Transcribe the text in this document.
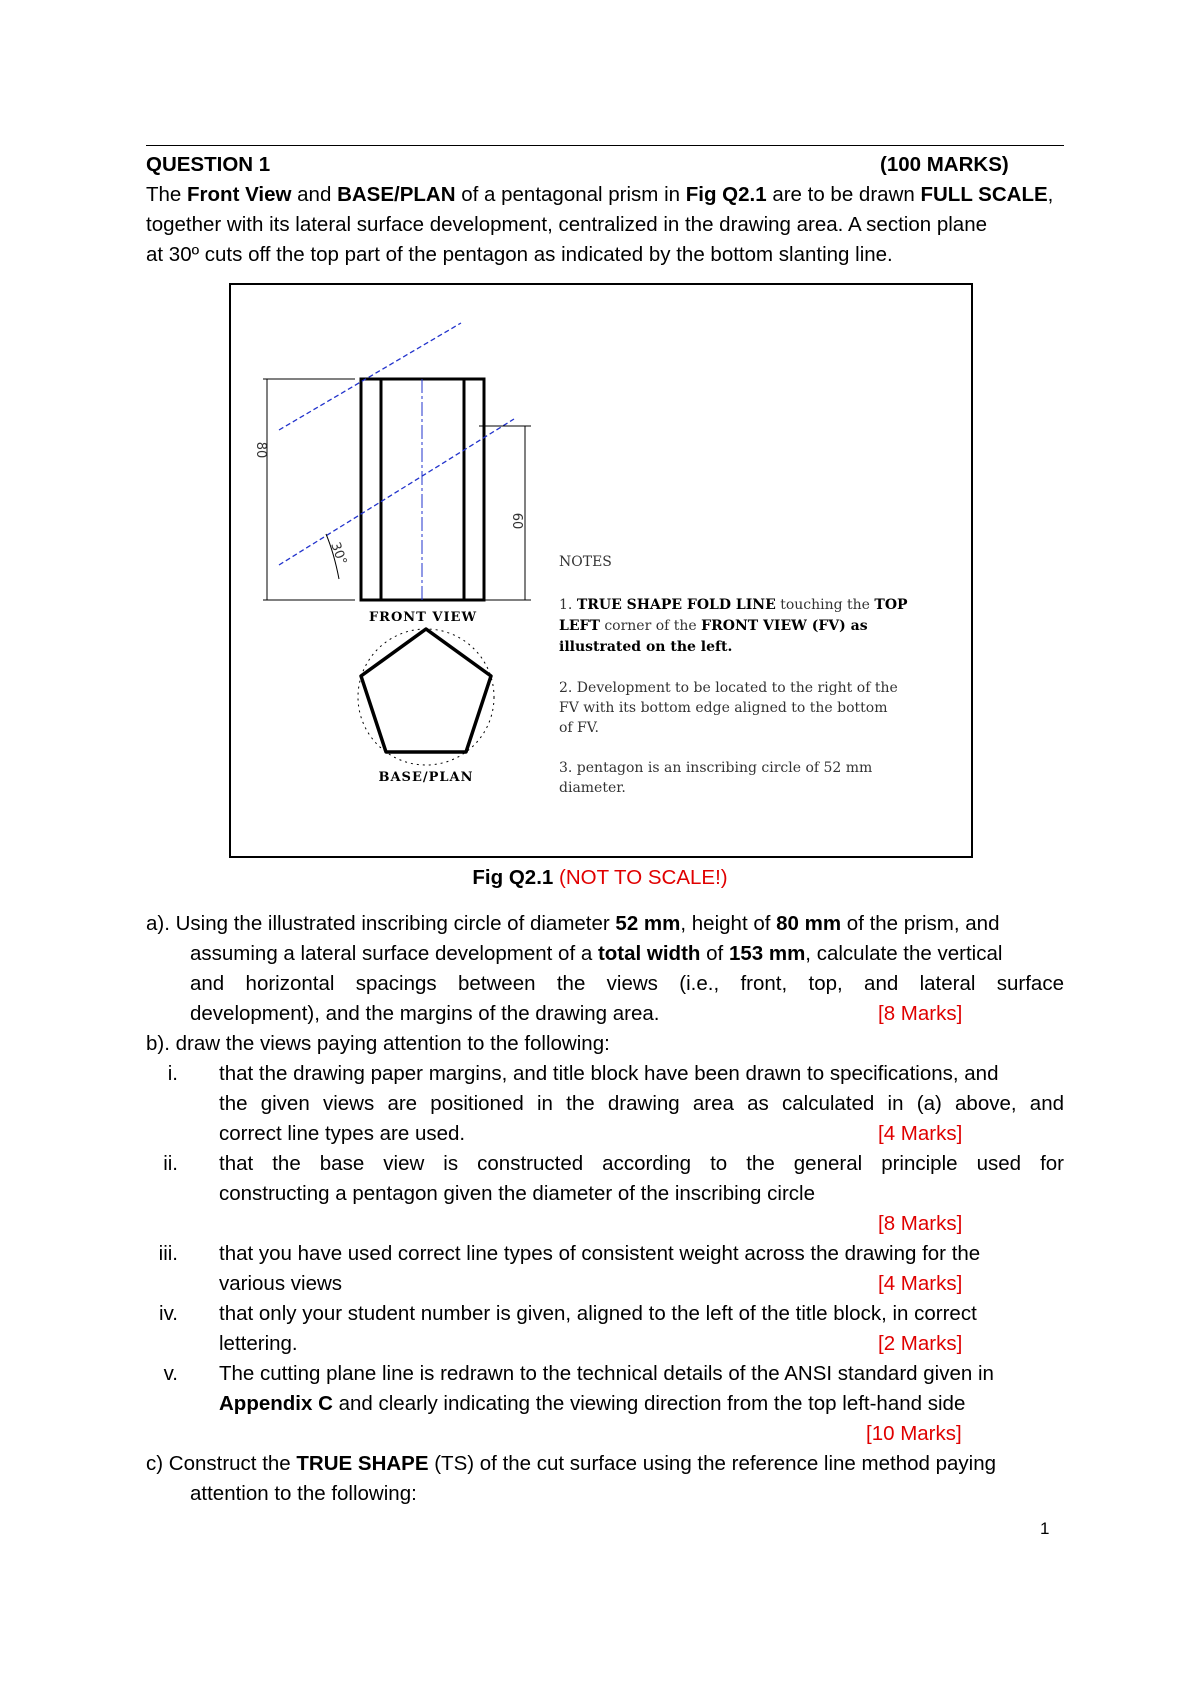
QUESTION 1	(100 MARKS)
The Front View and BASE/PLAN of a pentagonal prism in Fig Q2.1 are to be drawn FULL SCALE,
together with its lateral surface development, centralized in the drawing area. A section plane
at 30º cuts off the top part of the pentagon as indicated by the bottom slanting line.
80
60
30°
FRONT VIEW
BASE/PLAN
NOTES
1. TRUE SHAPE FOLD LINE touching the TOP
LEFT corner of the FRONT VIEW (FV) as
illustrated on the left.
2. Development to be located to the right of the
FV with its bottom edge aligned to the bottom
of FV.
3. pentagon is an inscribing circle of 52 mm
diameter.
Fig Q2.1 (NOT TO SCALE!)
a). Using the illustrated inscribing circle of diameter 52 mm, height of 80 mm of the prism, and
assuming a lateral surface development of a total width of 153 mm, calculate the vertical
and horizontal spacings between the views (i.e., front, top, and lateral surface
development), and the margins of the drawing area.	[8 Marks]
b). draw the views paying attention to the following:
i. that the drawing paper margins, and title block have been drawn to specifications, and
the given views are positioned in the drawing area as calculated in (a) above, and
correct line types are used.	[4 Marks]
ii. that the base view is constructed according to the general principle used for
constructing a pentagon given the diameter of the inscribing circle
[8 Marks]
iii. that you have used correct line types of consistent weight across the drawing for the
various views	[4 Marks]
iv. that only your student number is given, aligned to the left of the title block, in correct
lettering.	[2 Marks]
v. The cutting plane line is redrawn to the technical details of the ANSI standard given in
Appendix C and clearly indicating the viewing direction from the top left-hand side
[10 Marks]
c) Construct the TRUE SHAPE (TS) of the cut surface using the reference line method paying
attention to the following:
1
